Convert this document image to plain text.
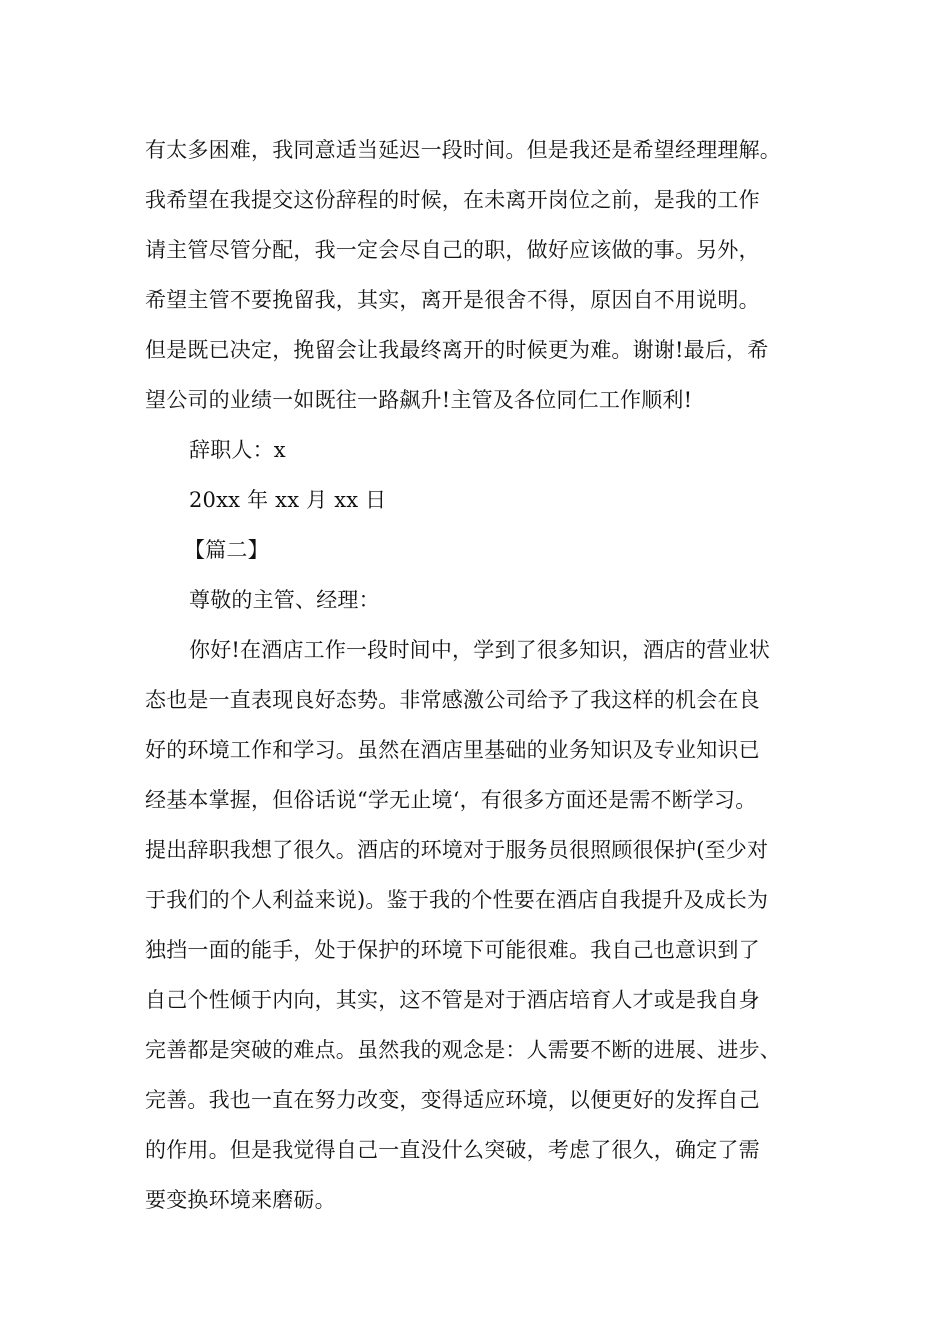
有太多困难，我同意适当延迟一段时间。但是我还是希望经理理解。
我希望在我提交这份辞程的时候，在未离开岗位之前，是我的工作
请主管尽管分配，我一定会尽自己的职，做好应该做的事。另外，
希望主管不要挽留我，其实，离开是很舍不得，原因自不用说明。
但是既已决定，挽留会让我最终离开的时候更为难。谢谢!最后，希
望公司的业绩一如既往一路飙升!主管及各位同仁工作顺利!
辞职人：x
20xx 年 xx 月 xx 日
【篇二】
尊敬的主管、经理：
你好!在酒店工作一段时间中，学到了很多知识，酒店的营业状
态也是一直表现良好态势。非常感激公司给予了我这样的机会在良
好的环境工作和学习。虽然在酒店里基础的业务知识及专业知识已
经基本掌握，但俗话说“学无止境‘，有很多方面还是需不断学习。
提出辞职我想了很久。酒店的环境对于服务员很照顾很保护(至少对
于我们的个人利益来说)。鉴于我的个性要在酒店自我提升及成长为
独挡一面的能手，处于保护的环境下可能很难。我自己也意识到了
自己个性倾于内向，其实，这不管是对于酒店培育人才或是我自身
完善都是突破的难点。虽然我的观念是：人需要不断的进展、进步、
完善。我也一直在努力改变，变得适应环境，以便更好的发挥自己
的作用。但是我觉得自己一直没什么突破，考虑了很久，确定了需
要变换环境来磨砺。
